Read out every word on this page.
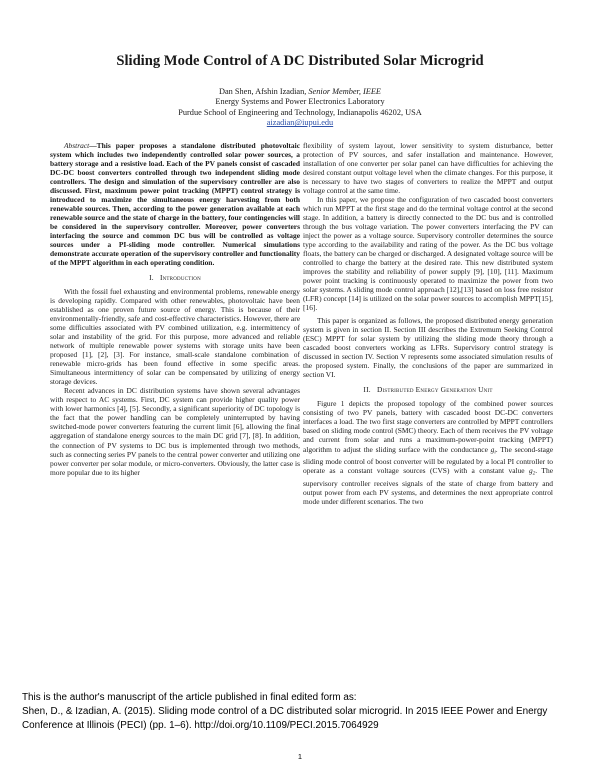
Sliding Mode Control of A DC Distributed Solar Microgrid
Dan Shen, Afshin Izadian, Senior Member, IEEE
Energy Systems and Power Electronics Laboratory
Purdue School of Engineering and Technology, Indianapolis 46202, USA
aizadian@iupui.edu

Abstract—This paper proposes a standalone distributed photovoltaic system which includes two independently controlled solar power sources, a battery storage and a resistive load. Each of the PV panels consist of cascaded DC-DC boost converters controlled through two independent sliding mode controllers. The design and simulation of the supervisory controller are also discussed. First, maximum power point tracking (MPPT) control strategy is introduced to maximize the simultaneous energy harvesting from both renewable sources. Then, according to the power generation available at each renewable source and the state of charge in the battery, four contingencies will be considered in the supervisory controller. Moreover, power converters interfacing the source and common DC bus will be controlled as voltage sources under a PI-sliding mode controller. Numerical simulations demonstrate accurate operation of the supervisory controller and functionality of the MPPT algorithm in each operating condition.

I. Introduction

With the fossil fuel exhausting and environmental problems, renewable energy is developing rapidly. Compared with other renewables, photovoltaic have been established as one proven future source of energy. This is because of their environmentally-friendly, safe and cost-effective characteristics. However, there are some difficulties associated with PV combined utilization, e.g. intermittency of solar and instability of the grid. For this purpose, more advanced and reliable network of multiple renewable power systems with storage units have been proposed [1], [2], [3]. For instance, small-scale standalone combination of renewable micro-grids has been found effective in some specific areas. Simultaneous intermittency of solar can be compensated by utilizing of energy storage devices.

Recent advances in DC distribution systems have shown several advantages with respect to AC systems. First, DC system can provide higher quality power with lower harmonics [4], [5]. Secondly, a significant superiority of DC topology is the fact that the power handling can be completely uninterrupted by having switched-mode power converters featuring the current limit [6], allowing the final aggregation of standalone energy sources to the main DC grid [7], [8]. In addition, the connection of PV systems to DC bus is implemented through two methods, such as connecting series PV panels to the central power converter and utilizing one power converter per solar module, or micro-converters. Obviously, the latter case is more popular due to its higher

flexibility of system layout, lower sensitivity to system disturbance, better protection of PV sources, and safer installation and maintenance. However, installation of one converter per solar panel can have difficulties for achieving the desired constant output voltage level when the climate changes. For this purpose, it is necessary to have two stages of converters to realize the MPPT and output voltage control at the same time.

In this paper, we propose the configuration of two cascaded boost converters which run MPPT at the first stage and do the terminal voltage control at the second stage. In addition, a battery is directly connected to the DC bus and is controlled through the bus voltage variation. The power converters interfacing the PV can inject the power as a voltage source. Supervisory controller determines the source type according to the availability and rating of the power. As the DC bus voltage floats, the battery can be charged or discharged. A designated voltage source will be controlled to charge the battery at the desired rate. This new distributed system improves the stability and reliability of power supply [9], [10], [11]. Maximum power point tracking is continuously operated to maximize the power from two solar systems. A sliding mode control approach [12],[13] based on loss free resistor (LFR) concept [14] is utilized on the solar power sources to accomplish MPPT[15],[16].

This paper is organized as follows, the proposed distributed energy generation system is given in section II. Section III describes the Extremum Seeking Control (ESC) MPPT for solar system by utilizing the sliding mode theory through a cascaded boost converters working as LFRs. Supervisory control strategy is discussed in section IV. Section V represents some associated simulation results of the proposed system. Finally, the conclusions of the paper are summarized in section VI.

II. Distributed Energy Generation Unit

Figure 1 depicts the proposed topology of the combined power sources consisting of two PV panels, battery with cascaded boost DC-DC converters interfaces a load. The two first stage converters are controlled by MPPT controllers based on sliding mode control (SMC) theory. Each of them receives the PV voltage and current from solar and runs a maximum-power-point tracking (MPPT) algorithm to adjust the sliding surface with the conductance $g_i$. The second-stage sliding mode control of boost converter will be regulated by a local PI controller to operate as a constant voltage sources (CVS) with a constant value $g_2$. The supervisory controller receives signals of the state of charge from battery and output power from each PV systems, and determines the next appropriate control mode under different scenarios. The two

This is the author's manuscript of the article published in final edited form as:
Shen, D., & Izadian, A. (2015). Sliding mode control of a DC distributed solar microgrid. In 2015 IEEE Power and Energy Conference at Illinois (PECI) (pp. 1–6). http://doi.org/10.1109/PECI.2015.7064929
1
